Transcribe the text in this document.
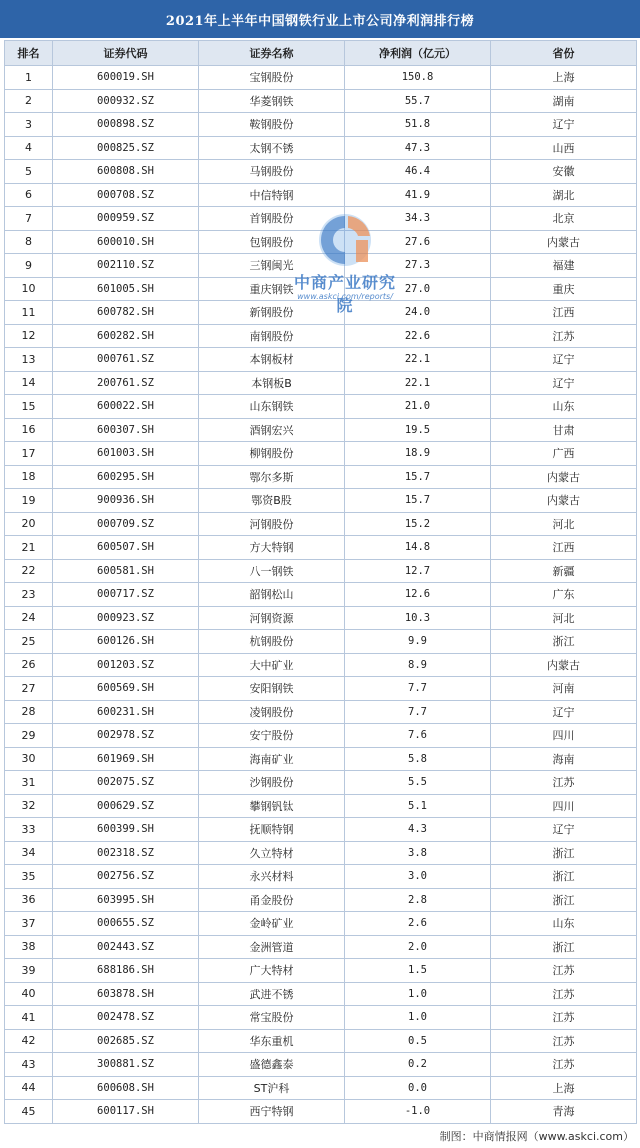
2021年上半年中国钢铁行业上市公司净利润排行榜
排名	证券代码	证券名称	净利润（亿元）	省份
1	600019.SH	宝钢股份	150.8	上海
2	000932.SZ	华菱钢铁	55.7	湖南
3	000898.SZ	鞍钢股份	51.8	辽宁
4	000825.SZ	太钢不锈	47.3	山西
5	600808.SH	马钢股份	46.4	安徽
6	000708.SZ	中信特钢	41.9	湖北
7	000959.SZ	首钢股份	34.3	北京
8	600010.SH	包钢股份	27.6	内蒙古
9	002110.SZ	三钢闽光	27.3	福建
10	601005.SH	重庆钢铁	27.0	重庆
11	600782.SH	新钢股份	24.0	江西
12	600282.SH	南钢股份	22.6	江苏
13	000761.SZ	本钢板材	22.1	辽宁
14	200761.SZ	本钢板B	22.1	辽宁
15	600022.SH	山东钢铁	21.0	山东
16	600307.SH	酒钢宏兴	19.5	甘肃
17	601003.SH	柳钢股份	18.9	广西
18	600295.SH	鄂尔多斯	15.7	内蒙古
19	900936.SH	鄂资B股	15.7	内蒙古
20	000709.SZ	河钢股份	15.2	河北
21	600507.SH	方大特钢	14.8	江西
22	600581.SH	八一钢铁	12.7	新疆
23	000717.SZ	韶钢松山	12.6	广东
24	000923.SZ	河钢资源	10.3	河北
25	600126.SH	杭钢股份	9.9	浙江
26	001203.SZ	大中矿业	8.9	内蒙古
27	600569.SH	安阳钢铁	7.7	河南
28	600231.SH	凌钢股份	7.7	辽宁
29	002978.SZ	安宁股份	7.6	四川
30	601969.SH	海南矿业	5.8	海南
31	002075.SZ	沙钢股份	5.5	江苏
32	000629.SZ	攀钢钒钛	5.1	四川
33	600399.SH	抚顺特钢	4.3	辽宁
34	002318.SZ	久立特材	3.8	浙江
35	002756.SZ	永兴材料	3.0	浙江
36	603995.SH	甬金股份	2.8	浙江
37	000655.SZ	金岭矿业	2.6	山东
38	002443.SZ	金洲管道	2.0	浙江
39	688186.SH	广大特材	1.5	江苏
40	603878.SH	武进不锈	1.0	江苏
41	002478.SZ	常宝股份	1.0	江苏
42	002685.SZ	华东重机	0.5	江苏
43	300881.SZ	盛德鑫泰	0.2	江苏
44	600608.SH	ST沪科	0.0	上海
45	600117.SH	西宁特钢	-1.0	青海
中商产业研究院
www.askci.com/reports/
制图：中商情报网（www.askci.com）
